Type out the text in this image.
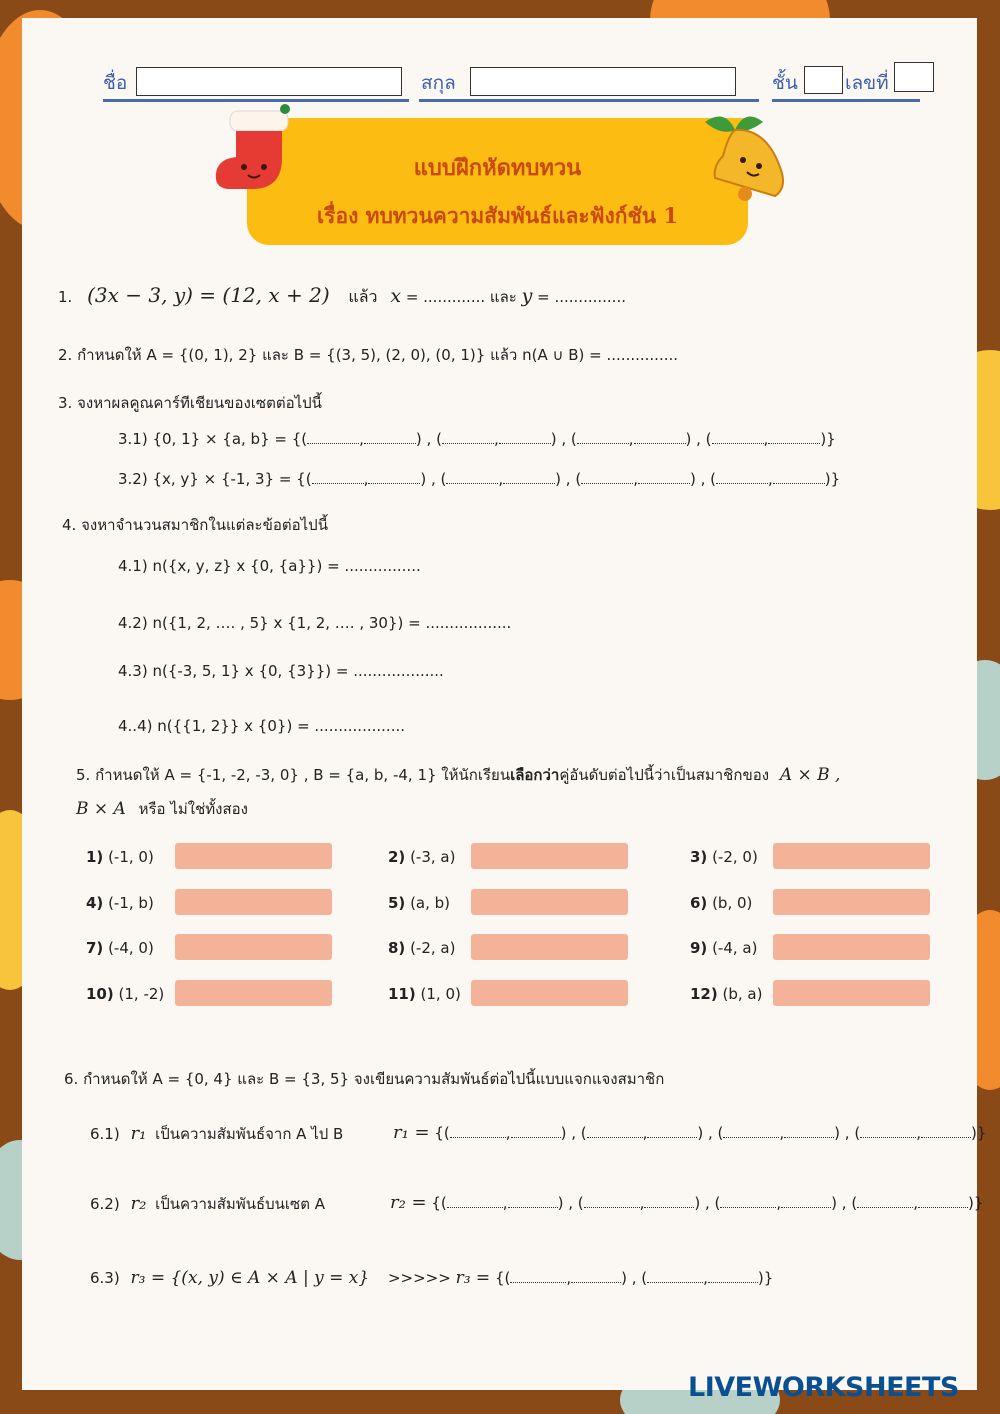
ชื่อ	สกุล	ชั้น เลขที่
แบบฝึกหัดทบทวน
เรื่อง ทบทวนความสัมพันธ์และฟังก์ชัน 1
1. (3x − 3, y) = (12, x + 2) แล้ว x = ............. และ y = ...............
2. กำหนดให้ A = {(0, 1), 2} และ B = {(3, 5), (2, 0), (0, 1)} แล้ว n(A ∪ B) = ...............
3. จงหาผลคูณคาร์ทีเชียนของเซตต่อไปนี้
3.1) {0, 1} × {a, b} = {(	,	) , (	,	) , (	,	) , (	,	)}
3.2) {x, y} × {-1, 3} = {(	,	) , (	,	) , (	,	) , (	,	)}
4. จงหาจำนวนสมาชิกในแต่ละข้อต่อไปนี้
4.1) n({x, y, z} x {0, {a}}) = ................
4.2) n({1, 2, …. , 5} x {1, 2, …. , 30}) = ..................
4.3) n({-3, 5, 1} x {0, {3}}) = ...................
4..4) n({{1, 2}} x {0}) = ...................
5. กำหนดให้ A = {-1, -2, -3, 0} , B = {a, b, -4, 1} ให้นักเรียนเลือกว่าคู่อันดับต่อไปนี้ว่าเป็นสมาชิกของ A × B ,
B × A หรือ ไม่ใช่ทั้งสอง
1) (-1, 0)	2) (-3, a)	3) (-2, 0)
4) (-1, b)	5) (a, b)	6) (b, 0)
7) (-4, 0)	8) (-2, a)	9) (-4, a)
10) (1, -2)	11) (1, 0)	12) (b, a)
6. กำหนดให้ A = {0, 4} และ B = {3, 5} จงเขียนความสัมพันธ์ต่อไปนี้แบบแจกแจงสมาชิก
6.1) r₁ เป็นความสัมพันธ์จาก A ไป B	r₁ = {(	,	) , (	,	) , (	,	) , (	,	)}
6.2) r₂ เป็นความสัมพันธ์บนเซต A	r₂ = {(	,	) , (	,	) , (	,	) , (	,	)}
6.3) r₃ = {(x, y) ∈ A × A | y = x} >>>>> r₃ = {(	,	) , (	,	)}
LIVEWORKSHEETS
